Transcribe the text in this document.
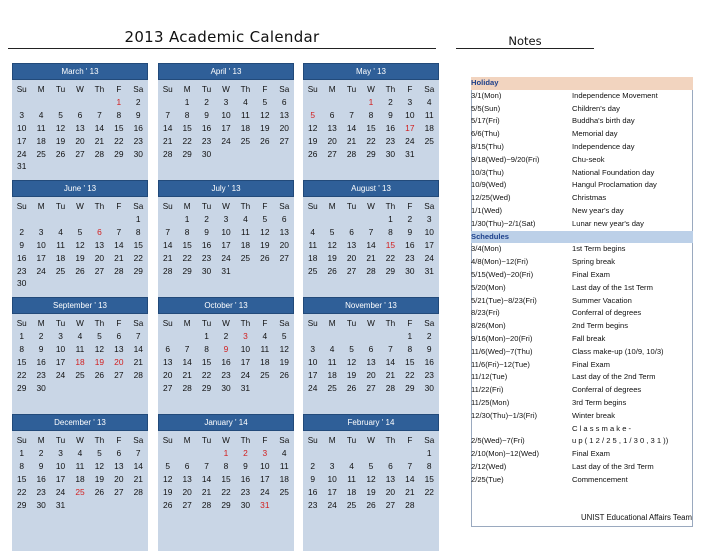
2013 Academic Calendar	Notes
March ' 13
Su	M	Tu	W	Th	F	Sa
					1	2
3	4	5	6	7	8	9
10	11	12	13	14	15	16
17	18	19	20	21	22	23
24	25	26	27	28	29	30
31						
April ' 13
Su	M	Tu	W	Th	F	Sa
	1	2	3	4	5	6
7	8	9	10	11	12	13
14	15	16	17	18	19	20
21	22	23	24	25	26	27
28	29	30				
May ' 13
Su	M	Tu	W	Th	F	Sa
			1	2	3	4
5	6	7	8	9	10	11
12	13	14	15	16	17	18
19	20	21	22	23	24	25
26	27	28	29	30	31	
June ' 13
Su	M	Tu	W	Th	F	Sa
						1
2	3	4	5	6	7	8
9	10	11	12	13	14	15
16	17	18	19	20	21	22
23	24	25	26	27	28	29
30						
July ' 13
Su	M	Tu	W	Th	F	Sa
	1	2	3	4	5	6
7	8	9	10	11	12	13
14	15	16	17	18	19	20
21	22	23	24	25	26	27
28	29	30	31			
August ' 13
Su	M	Tu	W	Th	F	Sa
				1	2	3
4	5	6	7	8	9	10
11	12	13	14	15	16	17
18	19	20	21	22	23	24
25	26	27	28	29	30	31
September ' 13
Su	M	Tu	W	Th	F	Sa
1	2	3	4	5	6	7
8	9	10	11	12	13	14
15	16	17	18	19	20	21
22	23	24	25	26	27	28
29	30					
October ' 13
Su	M	Tu	W	Th	F	Sa
		1	2	3	4	5
6	7	8	9	10	11	12
13	14	15	16	17	18	19
20	21	22	23	24	25	26
27	28	29	30	31		
November ' 13
Su	M	Tu	W	Th	F	Sa
					1	2
3	4	5	6	7	8	9
10	11	12	13	14	15	16
17	18	19	20	21	22	23
24	25	26	27	28	29	30
December ' 13
Su	M	Tu	W	Th	F	Sa
1	2	3	4	5	6	7
8	9	10	11	12	13	14
15	16	17	18	19	20	21
22	23	24	25	26	27	28
29	30	31				
January ' 14
Su	M	Tu	W	Th	F	Sa
			1	2	3	4
5	6	7	8	9	10	11
12	13	14	15	16	17	18
19	20	21	22	23	24	25
26	27	28	29	30	31	
February ' 14
Su	M	Tu	W	Th	F	Sa
						1
2	3	4	5	6	7	8
9	10	11	12	13	14	15
16	17	18	19	20	21	22
23	24	25	26	27	28	
Holiday
3/1(Mon)	Independence Movement
5/5(Sun)	Children's day
5/17(Fri)	Buddha's birth day
6/6(Thu)	Memorial day
8/15(Thu)	Independence day
9/18(Wed)~9/20(Fri)	Chu-seok
10/3(Thu)	National Foundation day
10/9(Wed)	Hangul Proclamation day
12/25(Wed)	Christmas
1/1(Wed)	New year's day
1/30(Thu)~2/1(Sat)	Lunar new year's day
Schedules
3/4(Mon)	1st Term begins
4/8(Mon)~12(Fri)	Spring break
5/15(Wed)~20(Fri)	Final Exam
5/20(Mon)	Last day of the 1st Term
5/21(Tue)~8/23(Fri)	Summer Vacation
8/23(Fri)	Conferral of degrees
8/26(Mon)	2nd Term begins
9/16(Mon)~20(Fri)	Fall break
11/6(Wed)~7(Thu)	Class make-up (10/9, 10/3)
11/6(Fri)~12(Tue)	Final Exam
11/12(Tue)	Last day of the 2nd Term
11/22(Fri)	Conferral of degrees
11/25(Mon)	3rd Term begins
12/30(Thu)~1/3(Fri)	Winter break
C l a s s m a k e -
2/5(Wed)~7(Fri)	u p ( 1 2 / 2 5 , 1 / 3 0 , 3 1 ))
2/10(Mon)~12(Wed)	Final Exam
2/12(Wed)	Last day of the 3rd Term
2/25(Tue)	Commencement
UNIST Educational Affairs Team
